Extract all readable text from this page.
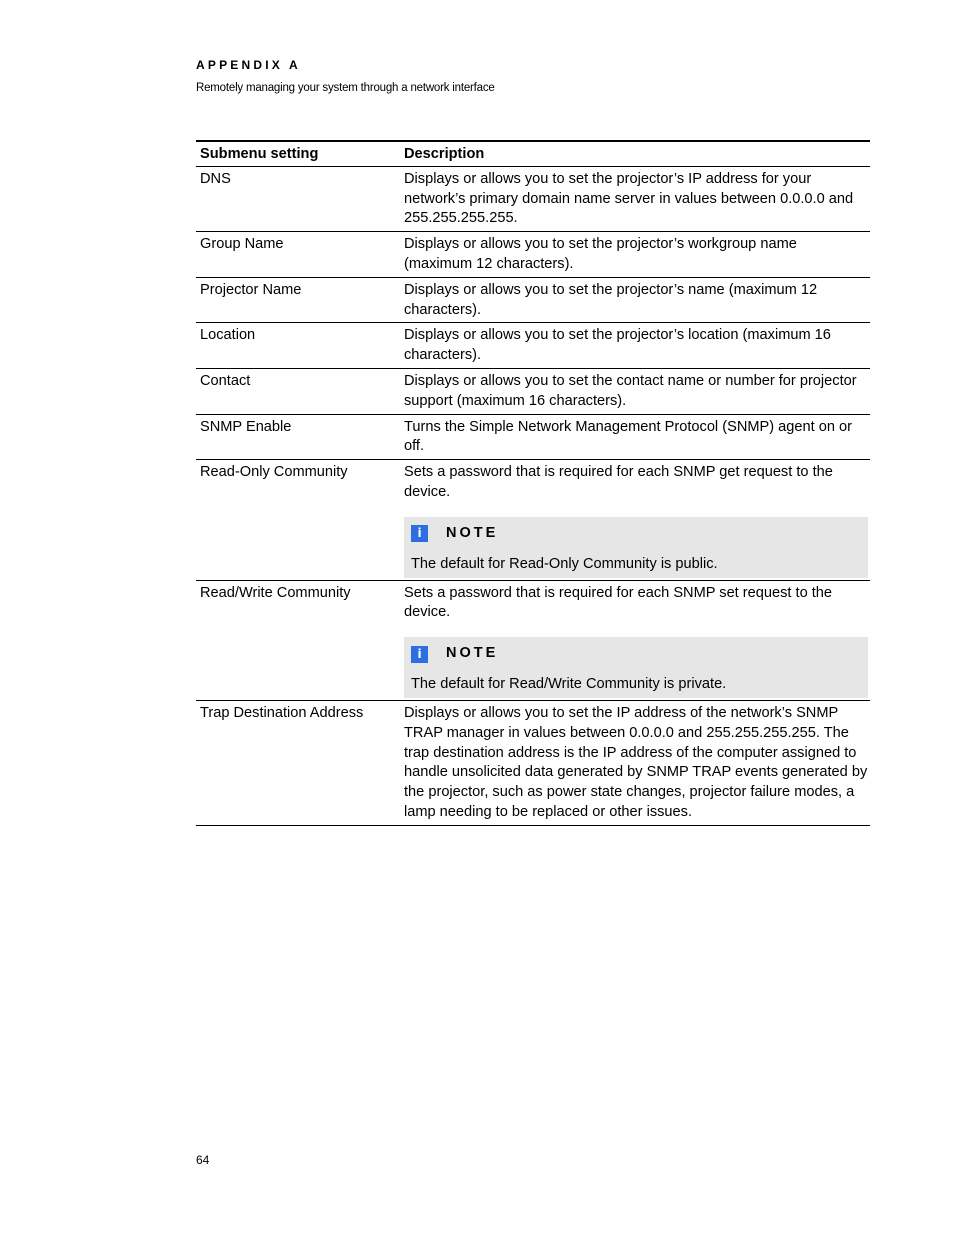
APPENDIX A
Remotely managing your system through a network interface
Submenu setting	Description
DNS	Displays or allows you to set the projector’s IP address for your network’s primary domain name server in values between 0.0.0.0 and 255.255.255.255.
Group Name	Displays or allows you to set the projector’s workgroup name (maximum 12 characters).
Projector Name	Displays or allows you to set the projector’s name (maximum 12 characters).
Location	Displays or allows you to set the projector’s location (maximum 16 characters).
Contact	Displays or allows you to set the contact name or number for projector support (maximum 16 characters).
SNMP Enable	Turns the Simple Network Management Protocol (SNMP) agent on or off.
Read-Only Community	Sets a password that is required for each SNMP get request to the device.
i NOTE
The default for Read-Only Community is public.

Read/Write Community	Sets a password that is required for each SNMP set request to the device.
i NOTE
The default for Read/Write Community is private.

Trap Destination Address	Displays or allows you to set the IP address of the network’s SNMP TRAP manager in values between 0.0.0.0 and 255.255.255.255. The trap destination address is the IP address of the computer assigned to handle unsolicited data generated by SNMP TRAP events generated by the projector, such as power state changes, projector failure modes, a lamp needing to be replaced or other issues.
64
